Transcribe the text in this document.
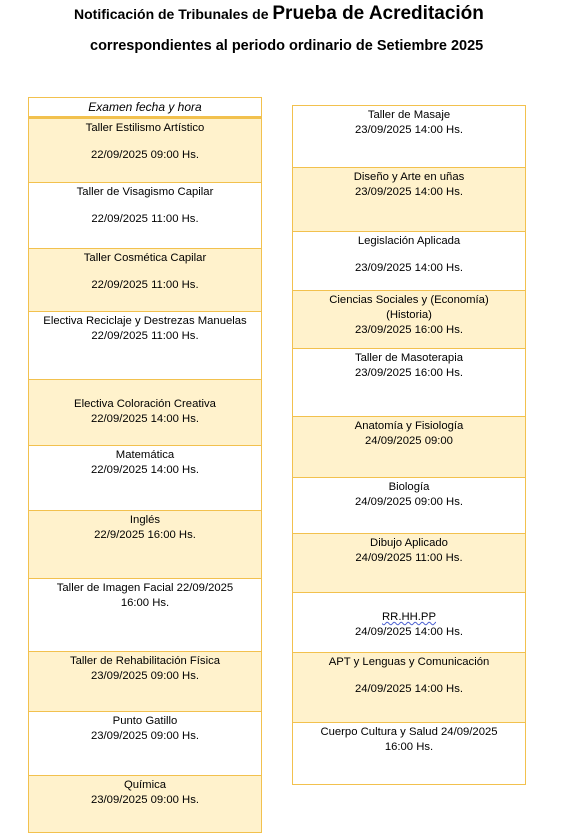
Notificación de Tribunales de Prueba de Acreditación
correspondientes al periodo ordinario de Setiembre 2025
Examen fecha y hora
Taller Estilismo Artístico
22/09/2025 09:00 Hs.
Taller de Visagismo Capilar
22/09/2025 11:00 Hs.
Taller Cosmética Capilar
22/09/2025 11:00 Hs.
Electiva Reciclaje y Destrezas Manuelas
22/09/2025 11:00 Hs.
Electiva Coloración Creativa
22/09/2025 14:00 Hs.
Matemática
22/09/2025 14:00 Hs.
Inglés
22/9/2025 16:00 Hs.
Taller de Imagen Facial 22/09/2025
16:00 Hs.
Taller de Rehabilitación Física
23/09/2025 09:00 Hs.
Punto Gatillo
23/09/2025 09:00 Hs.
Química
23/09/2025 09:00 Hs.
Taller de Masaje
23/09/2025 14:00 Hs.
Diseño y Arte en uñas
23/09/2025 14:00 Hs.
Legislación Aplicada
23/09/2025 14:00 Hs.
Ciencias Sociales y (Economía)
(Historia)
23/09/2025 16:00 Hs.
Taller de Masoterapia
23/09/2025 16:00 Hs.
Anatomía y Fisiología
24/09/2025 09:00
Biología
24/09/2025 09:00 Hs.
Dibujo Aplicado
24/09/2025 11:00 Hs.
RR.HH.PP
24/09/2025 14:00 Hs.
APT y Lenguas y Comunicación
24/09/2025 14:00 Hs.
Cuerpo Cultura y Salud 24/09/2025
16:00 Hs.
